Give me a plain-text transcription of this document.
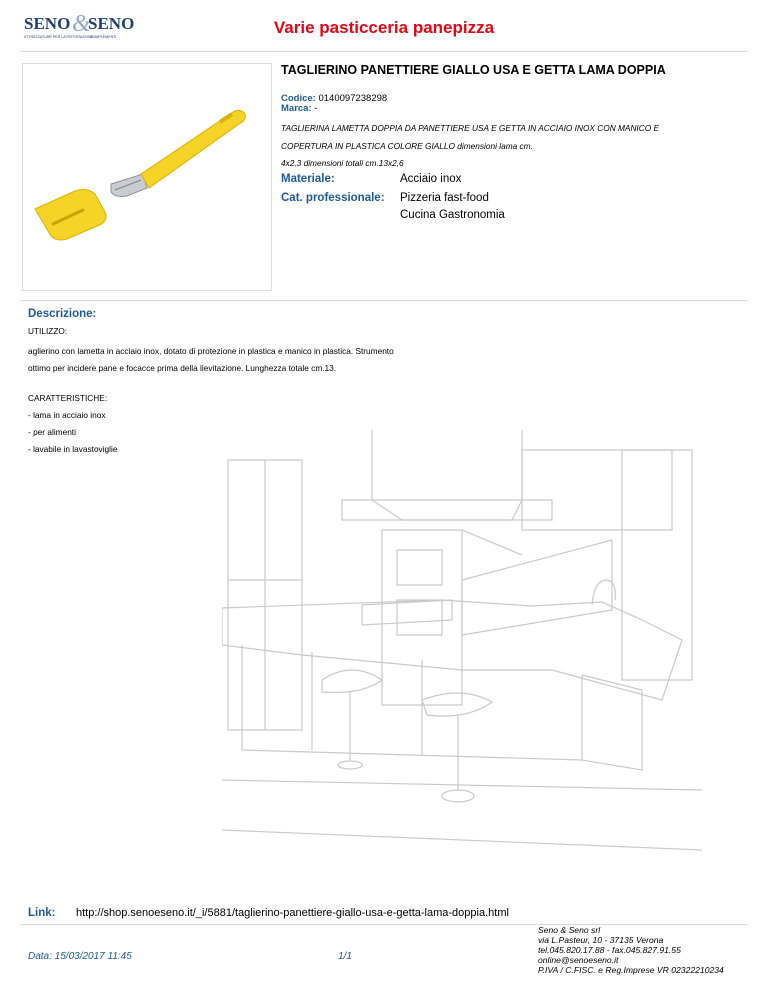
SENO &
SENO
ATTREZZATURE PER LA RISTORAZIONE
COMPLEMENTI	Varie pasticceria panepizza
TAGLIERINO PANETTIERE GIALLO USA E GETTA LAMA DOPPIA
Codice: 0140097238298
Marca: -
TAGLIERINA LAMETTA DOPPIA DA PANETTIERE USA E GETTA IN ACCIAIO INOX CON MANICO E
COPERTURA IN PLASTICA COLORE GIALLO dimensioni lama cm.
4x2,3 dimensioni totali cm.13x2,6
Materiale:	Acciaio inox
Cat. professionale: Pizzeria fast-food
Cucina Gastronomia
Descrizione:
UTILIZZO:
aglierino con lametta in acciaio inox, dotato di protezione in plastica e manico in plastica. Strumento
ottimo per incidere pane e focacce prima della lievitazione. Lunghezza totale cm.13.
CARATTERISTICHE:
- lama in acciaio inox
- per alimenti
- lavabile in lavastoviglie
Link: http://shop.senoeseno.it/_i/5881/taglierino-panettiere-giallo-usa-e-getta-lama-doppia.html
Data: 15/03/2017 11:45	1/1
Seno & Seno srl
via L.Pasteur, 10 - 37135 Verona
tel.045.820.17.88 - fax.045.827.91.55
online@senoeseno.it
P.IVA / C.FISC. e Reg.Imprese VR 02322210234
